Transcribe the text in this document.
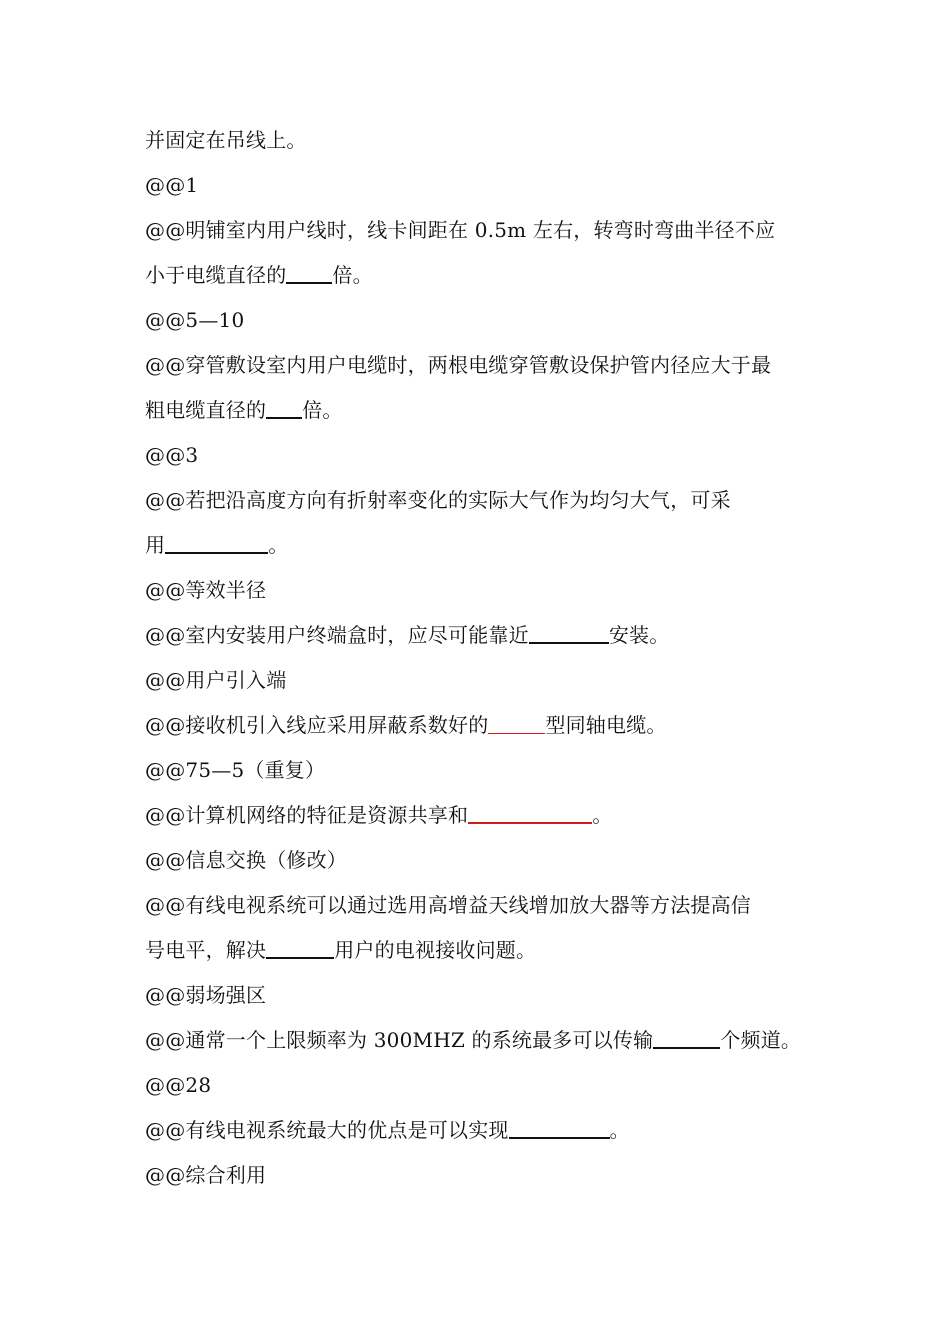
并固定在吊线上。
@@1
@@明铺室内用户线时，线卡间距在 0.5m 左右，转弯时弯曲半径不应
小于电缆直径的 倍。
@@5—10
@@穿管敷设室内用户电缆时，两根电缆穿管敷设保护管内径应大于最
粗电缆直径的 倍。
@@3
@@若把沿高度方向有折射率变化的实际大气作为均匀大气，可采
用	。
@@等效半径
@@室内安装用户终端盒时，应尽可能靠近	安装。
@@用户引入端
@@接收机引入线应采用屏蔽系数好的	型同轴电缆。
@@75—5（重复）
@@计算机网络的特征是资源共享和	。
@@信息交换（修改）
@@有线电视系统可以通过选用高增益天线增加放大器等方法提高信
号电平，解决	用户的电视接收问题。
@@弱场强区
@@通常一个上限频率为 300MHZ 的系统最多可以传输	个频道。
@@28
@@有线电视系统最大的优点是可以实现	。
@@综合利用
